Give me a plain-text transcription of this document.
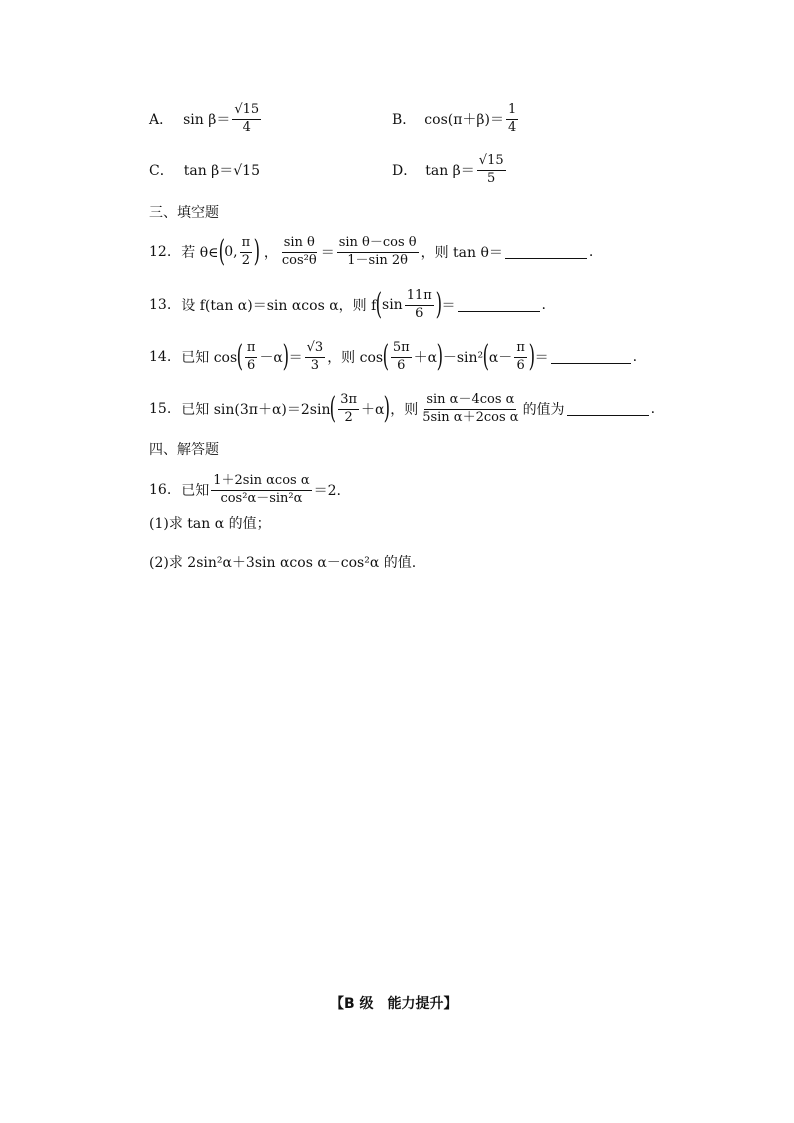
A． $\sin \beta= \frac{√15}{4}$	B． $\cos(\pi+\beta)= \frac{1}{4}$
C． tan β＝√15	D． $\tan \beta= \frac{√15}{5}$
三、填空题
12. 若 θ∈ ( 0, $\frac{\pi}{2}$ ) ， $\frac{\text{sin θ}}{\text{cos²θ}} = \frac{\text{sin θ－cos θ}}{1-\sin 2\theta}$ ，则 tan θ＝	.
13. 设 f(tan α)＝sin αcos α，则 f ( $\sin \frac{11\pi}{6}$ ) ＝	.
14. 已知 cos ( $\frac{\pi}{6} -\alpha$ ) ＝ $\frac{√3}{3}$ ，则 cos ( $\frac{5\pi}{6} +\alpha$ ) －sin² ( $\alpha- \frac{\pi}{6}$ ) ＝	.
15. 已知 sin(3π＋α)＝2sin ( $\frac{3\pi}{2} +\alpha$ ) ，则 $\frac{\text{sin α－4cos α}}{\text{5sin α＋2cos α}}$ 的值为	.
四、解答题
16. 已知 $\frac{\text{1＋2sin αcos α}}{\text{cos²α－sin²α}} =2$.
(1)求 tan α 的值；
(2)求 2sin²α＋3sin αcos α－cos²α 的值.
【B 级　能力提升】
